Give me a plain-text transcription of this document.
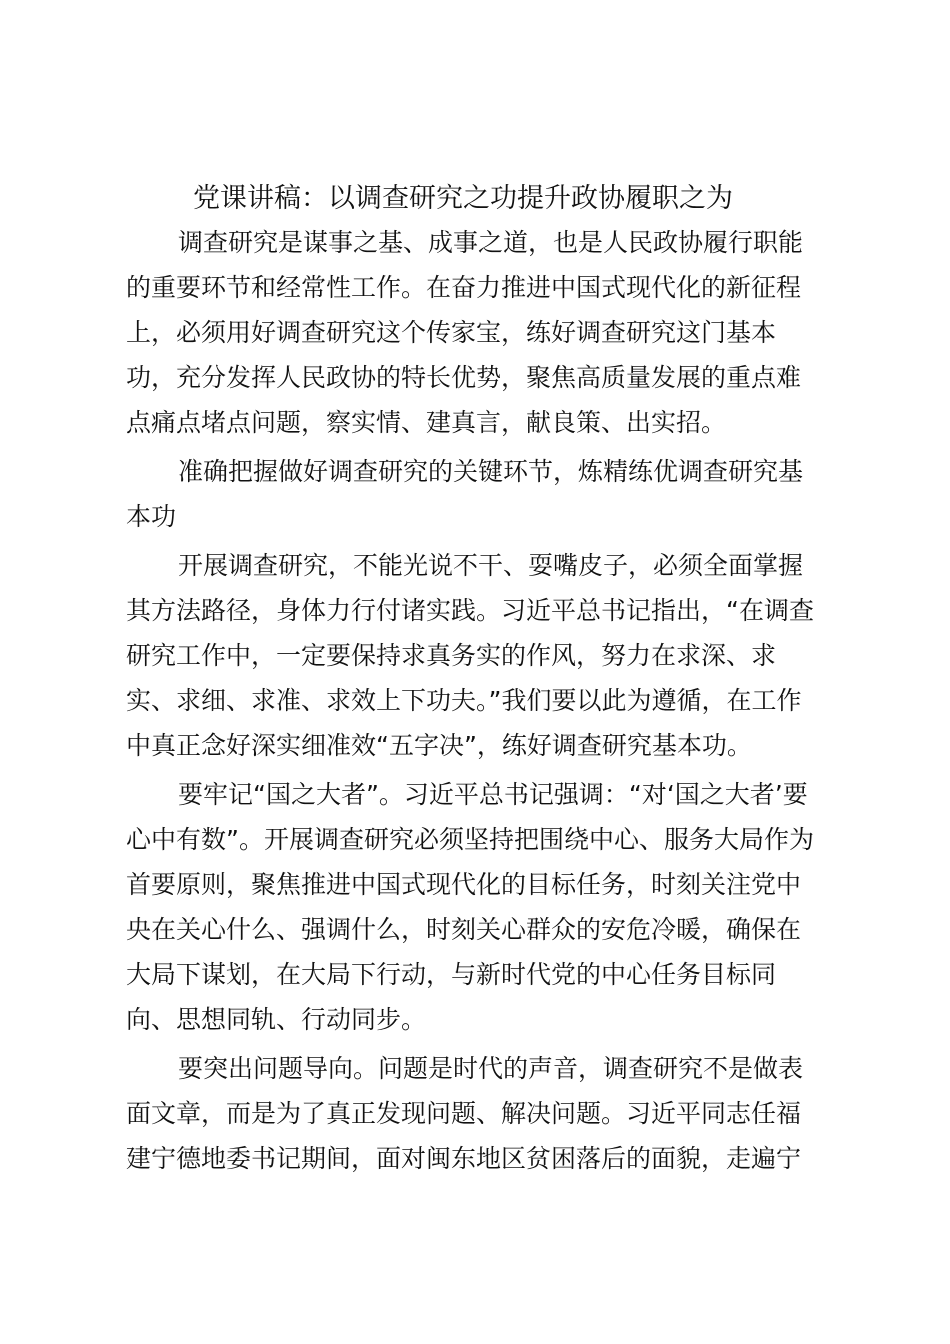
党课讲稿：以调查研究之功提升政协履职之为
调查研究是谋事之基、成事之道，也是人民政协履行职能
的重要环节和经常性工作。在奋力推进中国式现代化的新征程
上，必须用好调查研究这个传家宝，练好调查研究这门基本
功，充分发挥人民政协的特长优势，聚焦高质量发展的重点难
点痛点堵点问题，察实情、建真言，献良策、出实招。
准确把握做好调查研究的关键环节，炼精练优调查研究基
本功
开展调查研究，不能光说不干、耍嘴皮子，必须全面掌握
其方法路径，身体力行付诸实践。习近平总书记指出，“在调查
研究工作中，一定要保持求真务实的作风，努力在求深、求
实、求细、求准、求效上下功夫。”我们要以此为遵循，在工作
中真正念好深实细准效“五字决”，练好调查研究基本功。
要牢记“国之大者”。习近平总书记强调：“对‘国之大者’要
心中有数”。开展调查研究必须坚持把围绕中心、服务大局作为
首要原则，聚焦推进中国式现代化的目标任务，时刻关注党中
央在关心什么、强调什么，时刻关心群众的安危冷暖，确保在
大局下谋划，在大局下行动，与新时代党的中心任务目标同
向、思想同轨、行动同步。
要突出问题导向。问题是时代的声音，调查研究不是做表
面文章，而是为了真正发现问题、解决问题。习近平同志任福
建宁德地委书记期间，面对闽东地区贫困落后的面貌，走遍宁
